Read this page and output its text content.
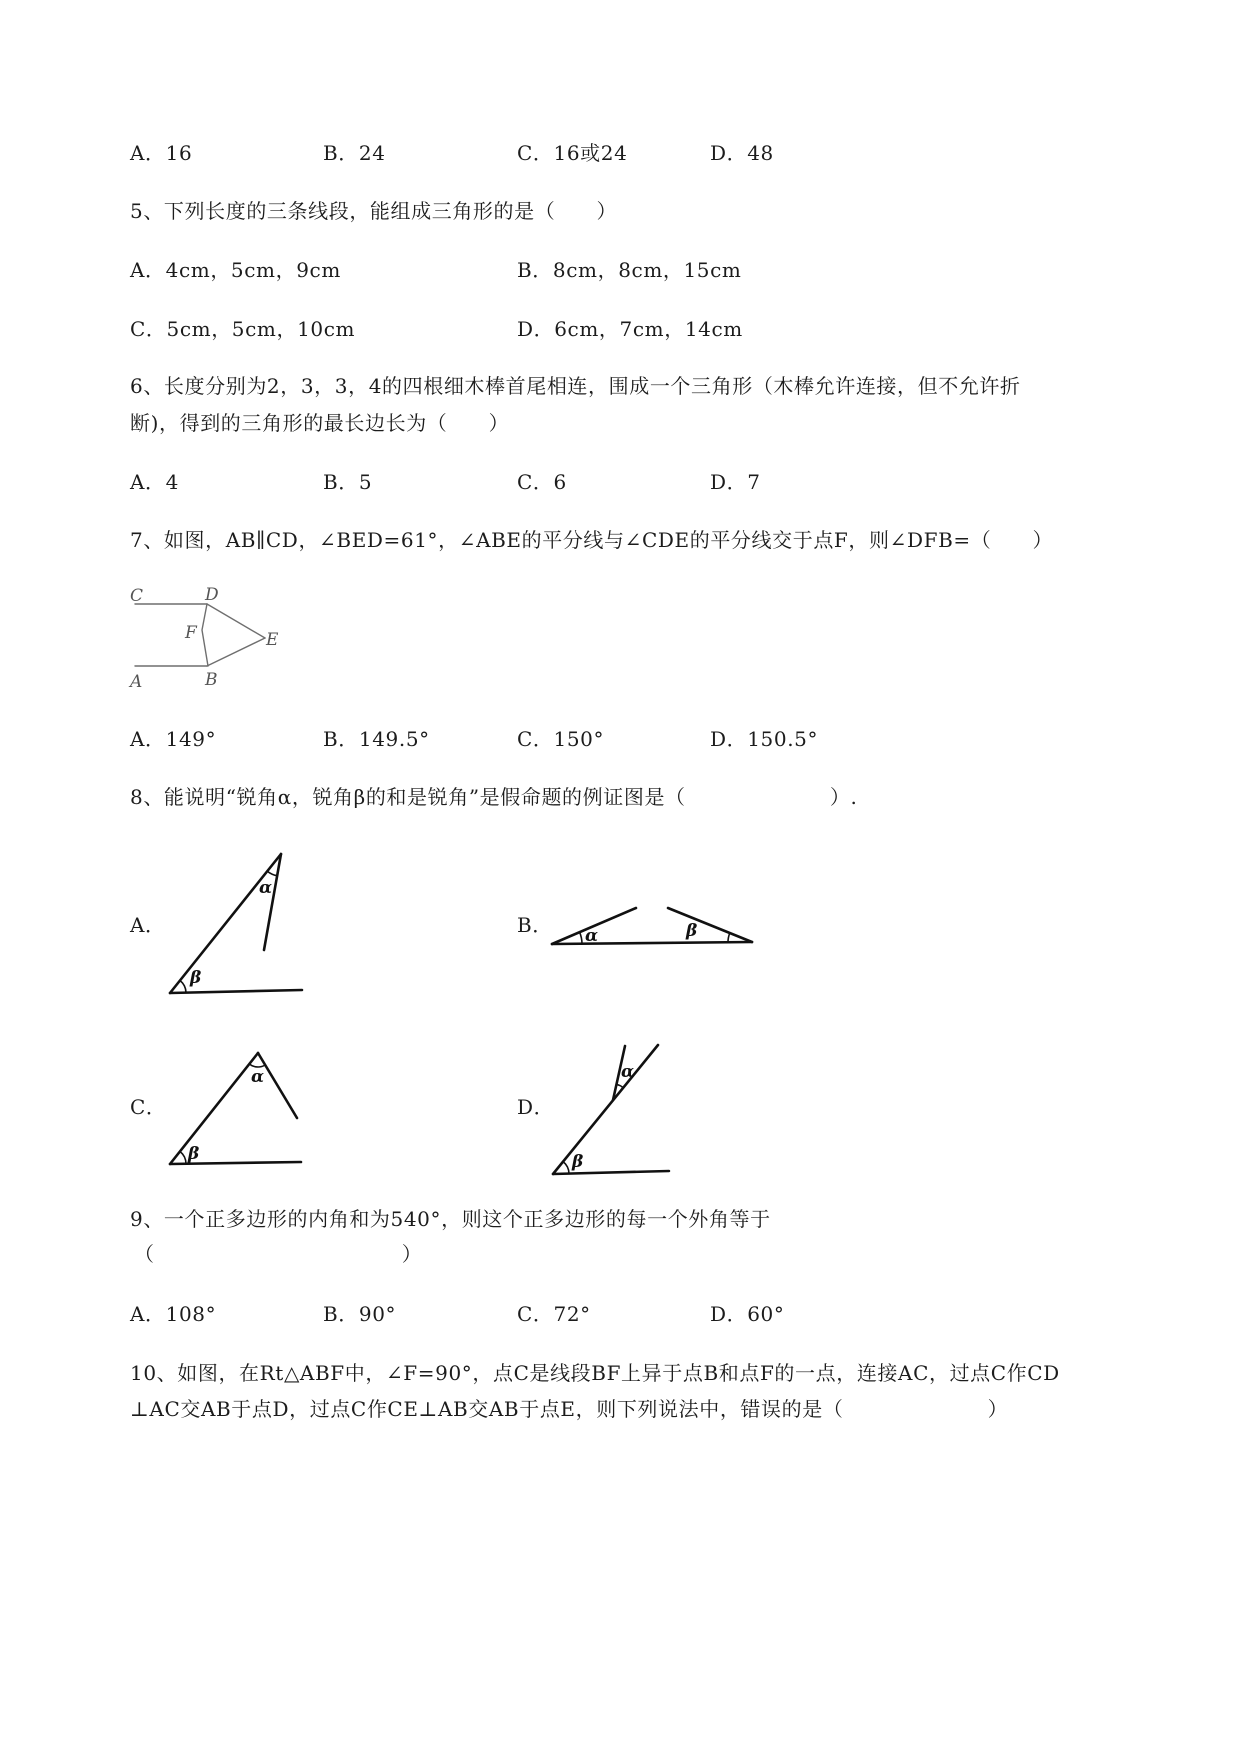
A．16	B．24	C．16或24	D．48
5、下列长度的三条线段，能组成三角形的是（　　）
A．4cm，5cm，9cm	B．8cm，8cm，15cm
C．5cm，5cm，10cm	D．6cm，7cm，14cm
6、长度分别为2，3，3，4的四根细木棒首尾相连，围成一个三角形（木棒允许连接，但不允许折
断)，得到的三角形的最长边长为（　　）
A．4	B．5	C．6	D．7
7、如图，AB∥CD，∠BED=61°，∠ABE的平分线与∠CDE的平分线交于点F，则∠DFB=（　　）
C	D
F	E
A	B
A．149°	B．149.5°	C．150°	D．150.5°
8、能说明“锐角α，锐角β的和是锐角”是假命题的例证图是（　　　　　　　）.
A．
α
β
B． α	β
C．
α
β
D．
α
β
9、一个正多边形的内角和为540°，则这个正多边形的每一个外角等于
（　　　　　　　　　　　　）
A．108°	B．90°	C．72°	D．60°
10、如图，在Rt△ABF中，∠F=90°，点C是线段BF上异于点B和点F的一点，连接AC，过点C作CD
⊥AC交AB于点D，过点C作CE⊥AB交AB于点E，则下列说法中，错误的是（　　　　　　　）
